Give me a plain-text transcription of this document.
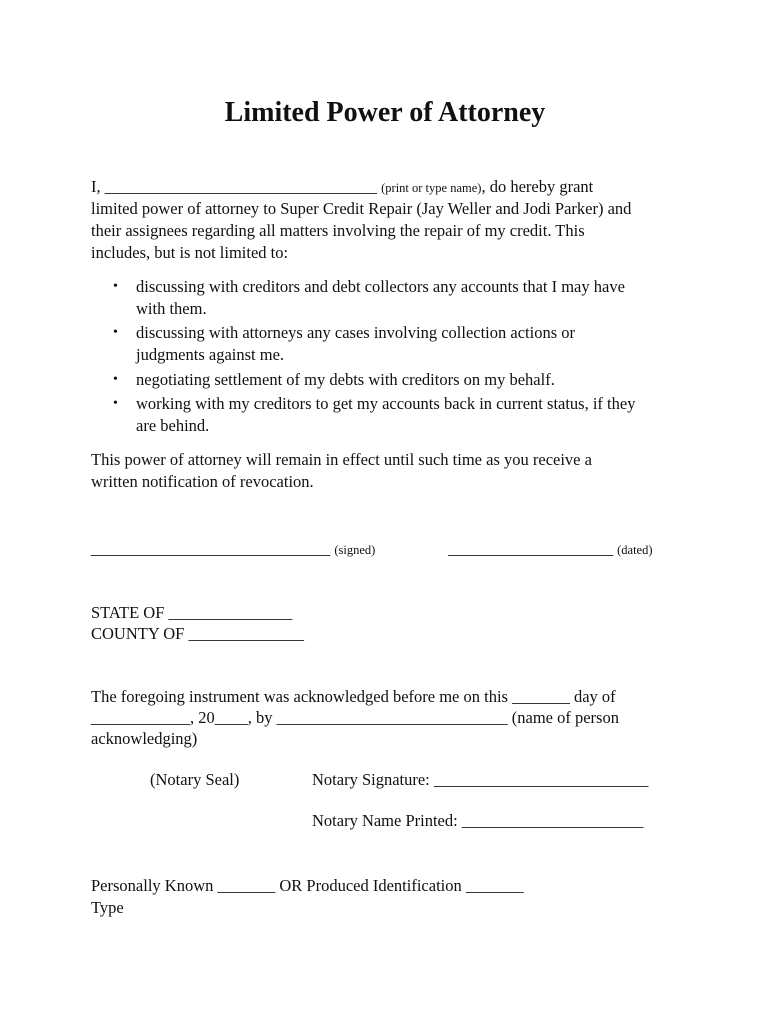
Limited Power of Attorney
I, _________________________________ (print or type name), do hereby grant
limited power of attorney to Super Credit Repair (Jay Weller and Jodi Parker) and
their assignees regarding all matters involving the repair of my credit. This
includes, but is not limited to:
• discussing with creditors and debt collectors any accounts that I may have
with them.
• discussing with attorneys any cases involving collection actions or
judgments against me.
• negotiating settlement of my debts with creditors on my behalf.
• working with my creditors to get my accounts back in current status, if they
are behind.
This power of attorney will remain in effect until such time as you receive a
written notification of revocation.
_____________________________ (signed)	____________________ (dated)
STATE OF _______________
COUNTY OF ______________
The foregoing instrument was acknowledged before me on this _______ day of
____________, 20____, by ____________________________ (name of person
acknowledging)
(Notary Seal)	Notary Signature: __________________________
Notary Name Printed: ______________________
Personally Known _______ OR Produced Identification _______
Type
